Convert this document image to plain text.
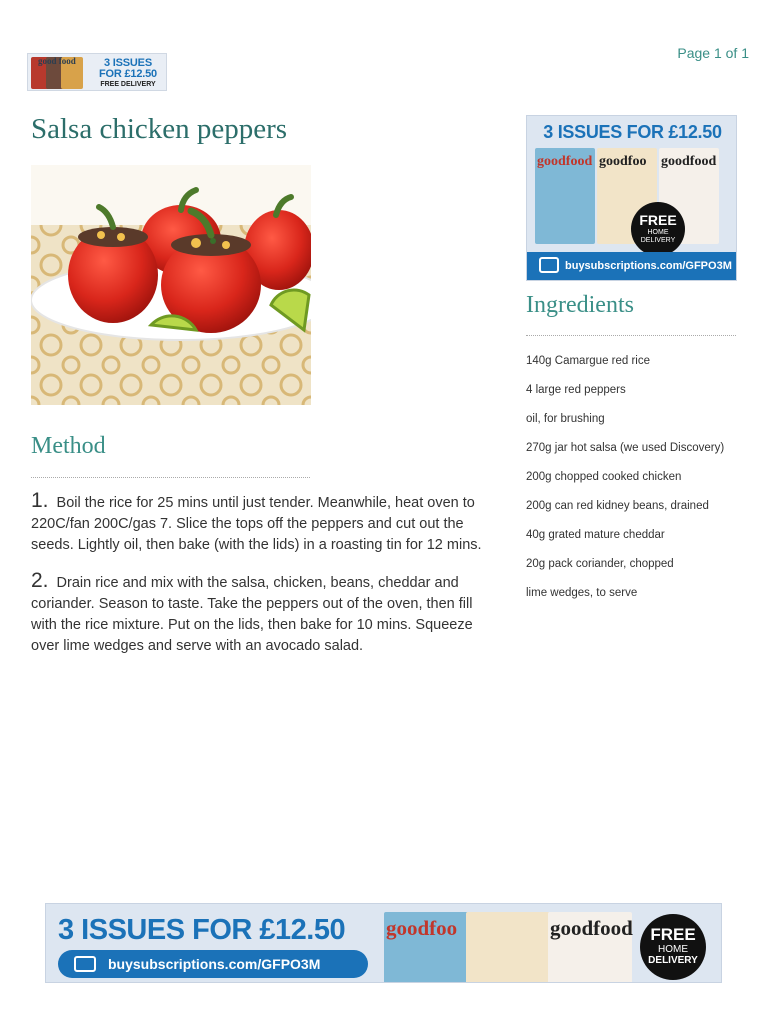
Page 1 of 1
good food	3 ISSUES
FOR £12.50
FREE DELIVERY
Salsa chicken peppers
Method

1. Boil the rice for 25 mins until just tender. Meanwhile, heat oven to 220C/fan 200C/gas 7. Slice the tops off the peppers and cut out the seeds. Lightly oil, then bake (with the lids) in a roasting tin for 12 mins.

2. Drain rice and mix with the salsa, chicken, beans, cheddar and coriander. Season to taste. Take the peppers out of the oven, then fill with the rice mixture. Put on the lids, then bake for 10 mins. Squeeze over lime wedges and serve with an avocado salad.

3 ISSUES FOR £12.50
goodfood goodfoo goodfood
FREE
HOME
DELIVERY
buysubscriptions.com/GFPO3M
Ingredients
140g Camargue red rice
4 large red peppers
oil, for brushing
270g jar hot salsa (we used Discovery)
200g chopped cooked chicken
200g can red kidney beans, drained
40g grated mature cheddar
20g pack coriander, chopped
lime wedges, to serve
3 ISSUES FOR £12.50
buysubscriptions.com/GFPO3M
goodfoo	goodfood	FREE
HOME
DELIVERY
